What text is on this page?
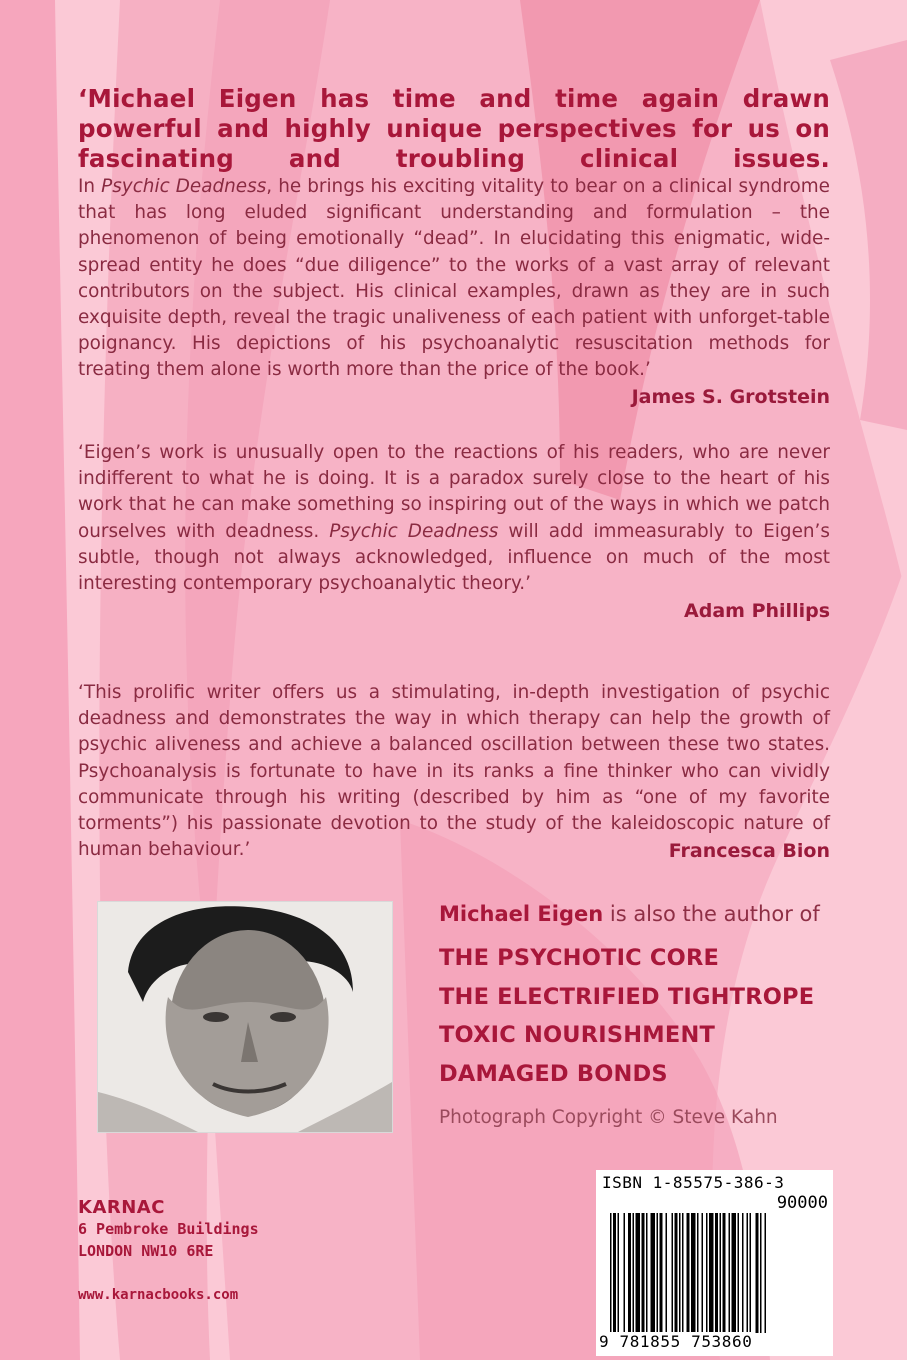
‘Michael Eigen has time and time again drawn powerful and highly unique perspectives for us on fascinating and troubling clinical issues.
In Psychic Deadness, he brings his exciting vitality to bear on a clinical syndrome that has long eluded significant understanding and formulation – the phenomenon of being emotionally “dead”. In elucidating this enigmatic, wide-spread entity he does “due diligence” to the works of a vast array of relevant contributors on the subject. His clinical examples, drawn as they are in such exquisite depth, reveal the tragic unaliveness of each patient with unforget-table poignancy. His depictions of his psychoanalytic resuscitation methods for treating them alone is worth more than the price of the book.’
James S. Grotstein
‘Eigen’s work is unusually open to the reactions of his readers, who are never indifferent to what he is doing. It is a paradox surely close to the heart of his work that he can make something so inspiring out of the ways in which we patch ourselves with deadness. Psychic Deadness will add immeasurably to Eigen’s subtle, though not always acknowledged, influence on much of the most interesting contemporary psychoanalytic theory.’
Adam Phillips
‘This prolific writer offers us a stimulating, in-depth investigation of psychic deadness and demonstrates the way in which therapy can help the growth of psychic aliveness and achieve a balanced oscillation between these two states. Psychoanalysis is fortunate to have in its ranks a fine thinker who can vividly communicate through his writing (described by him as “one of my favorite torments”) his passionate devotion to the study of the kaleidoscopic nature of human behaviour.’	Francesca Bion
Michael Eigen is also the author of
THE PSYCHOTIC CORE
THE ELECTRIFIED TIGHTROPE
TOXIC NOURISHMENT
DAMAGED BONDS
Photograph Copyright © Steve Kahn
KARNAC
6 Pembroke Buildings
LONDON NW10 6RE
www.karnacbooks.com
ISBN 1-85575-386-3
90000
9 781855 753860
